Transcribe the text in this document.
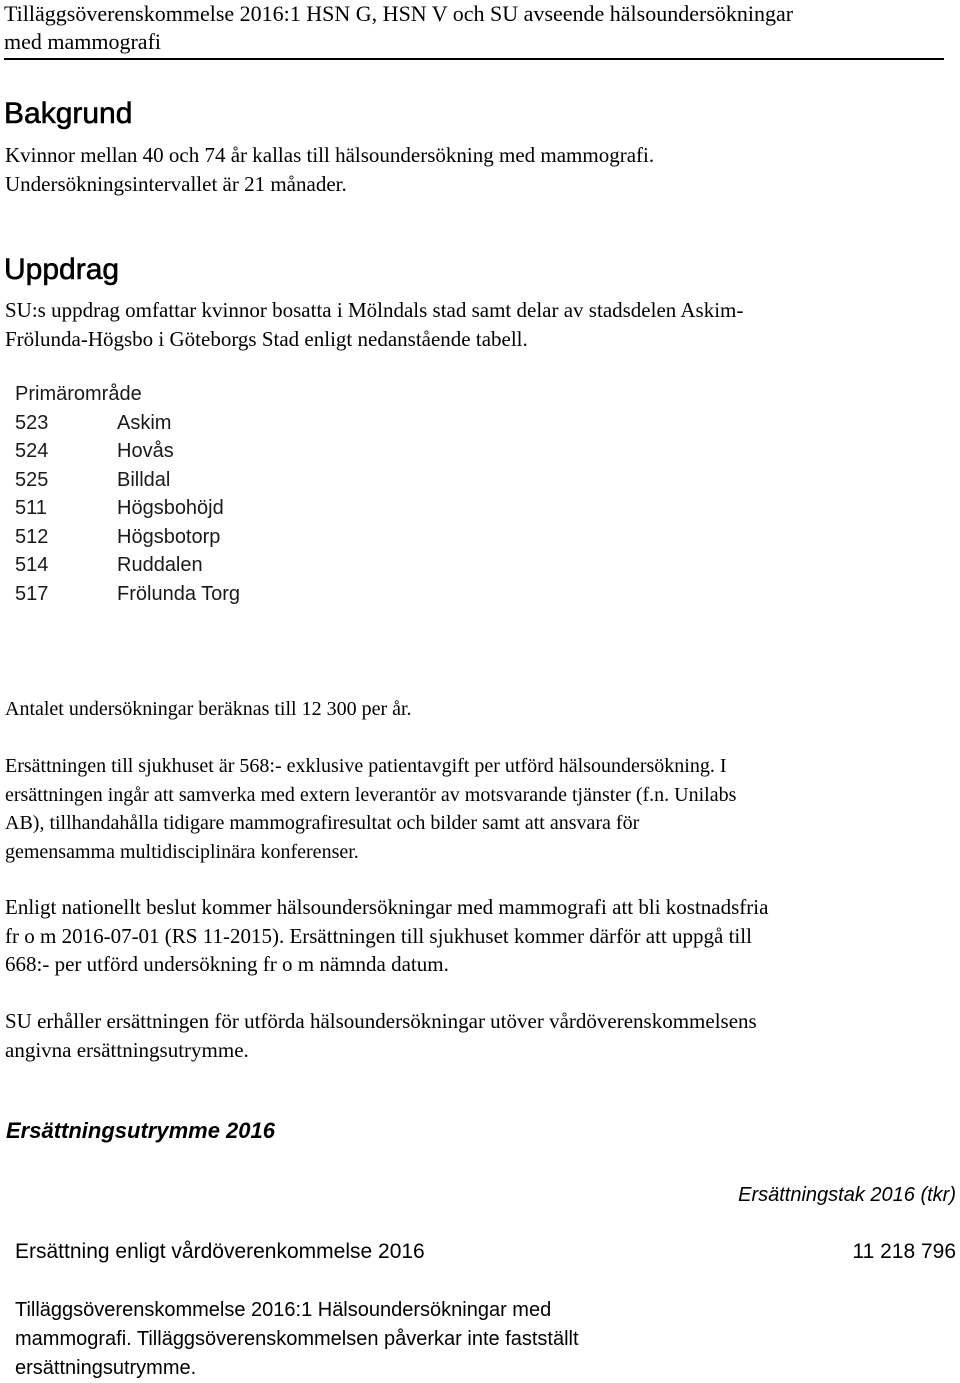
Tilläggsöverenskommelse 2016:1 HSN G, HSN V och SU avseende hälsoundersökningar
med mammografi
Bakgrund

Kvinnor mellan 40 och 74 år kallas till hälsoundersökning med mammografi.
Undersökningsintervallet är 21 månader.

Uppdrag

SU:s uppdrag omfattar kvinnor bosatta i Mölndals stad samt delar av stadsdelen Askim-
Frölunda-Högsbo i Göteborgs Stad enligt nedanstående tabell.

Primärområde	
523	Askim
524	Hovås
525	Billdal
511	Högsbohöjd
512	Högsbotorp
514	Ruddalen
517	Frölunda Torg

Antalet undersökningar beräknas till 12 300 per år.

Ersättningen till sjukhuset är 568:- exklusive patientavgift per utförd hälsoundersökning. I
ersättningen ingår att samverka med extern leverantör av motsvarande tjänster (f.n. Unilabs
AB), tillhandahålla tidigare mammografiresultat och bilder samt att ansvara för
gemensamma multidisciplinära konferenser.

Enligt nationellt beslut kommer hälsoundersökningar med mammografi att bli kostnadsfria
fr o m 2016-07-01 (RS 11-2015). Ersättningen till sjukhuset kommer därför att uppgå till
668:- per utförd undersökning fr o m nämnda datum.

SU erhåller ersättningen för utförda hälsoundersökningar utöver vårdöverenskommelsens
angivna ersättningsutrymme.

Ersättningsutrymme 2016
Ersättningstak 2016 (tkr)
Ersättning enligt vårdöverenkommelse 2016	11 218 796

Tilläggsöverenskommelse 2016:1 Hälsoundersökningar med
mammografi. Tilläggsöverenskommelsen påverkar inte fastställt
ersättningsutrymme.
